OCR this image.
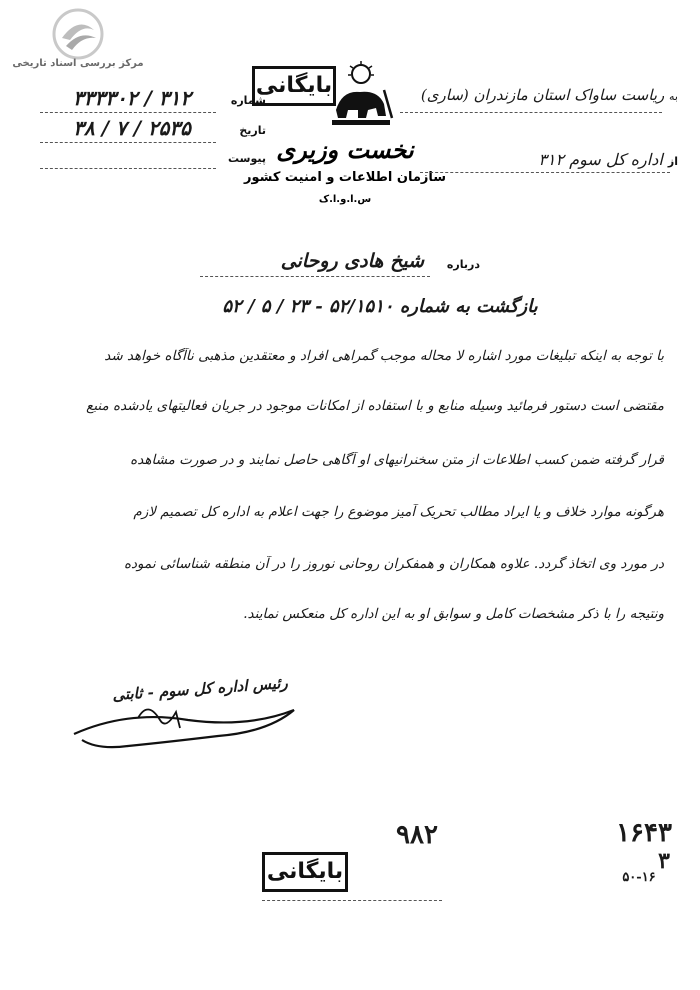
مرکز بررسی اسناد تاریخی
بایگانی	به ریاست ساواک استان مازندران (ساری)
نخست وزیری
سازمان اطلاعات و امنیت کشور
س.ا.و.ا.ک
از اداره کل سوم ۳۱۲
شماره
۳۳۳۳۰۲ / ۳۱۲
تاریخ
۳۸ / ۷ / ۲۵۳۵
پیوست
درباره
شیخ هادی روحانی
بازگشت به شماره ۵۲/۱۵۱۰ - ۲۳ / ۵ / ۵۲
با توجه به اینکه تبلیغات مورد اشاره لا محاله موجب گمراهی افراد و معتقدین مذهبی ناآگاه خواهد شد
مقتضی است دستور فرمائید وسیله منابع و با استفاده از امکانات موجود در جریان فعالیتهای یادشده منبع
قرار گرفته ضمن کسب اطلاعات از متن سخنرانیهای او آگاهی حاصل نمایند و در صورت مشاهده
هرگونه موارد خلاف و یا ایراد مطالب تحریک آمیز موضوع را جهت اعلام به اداره کل تصمیم لازم
در مورد وی اتخاذ گردد. علاوه همکاران و همفکران روحانی نوروز را در آن منطقه شناسائی نموده
ونتیجه را با ذکر مشخصات کامل و سوابق او به این اداره کل منعکس نمایند.
رئیس اداره کل سوم - ثابتی
۹۸۲
بایگانی
۱۶۴۳
۳
۵۰-۱۶
